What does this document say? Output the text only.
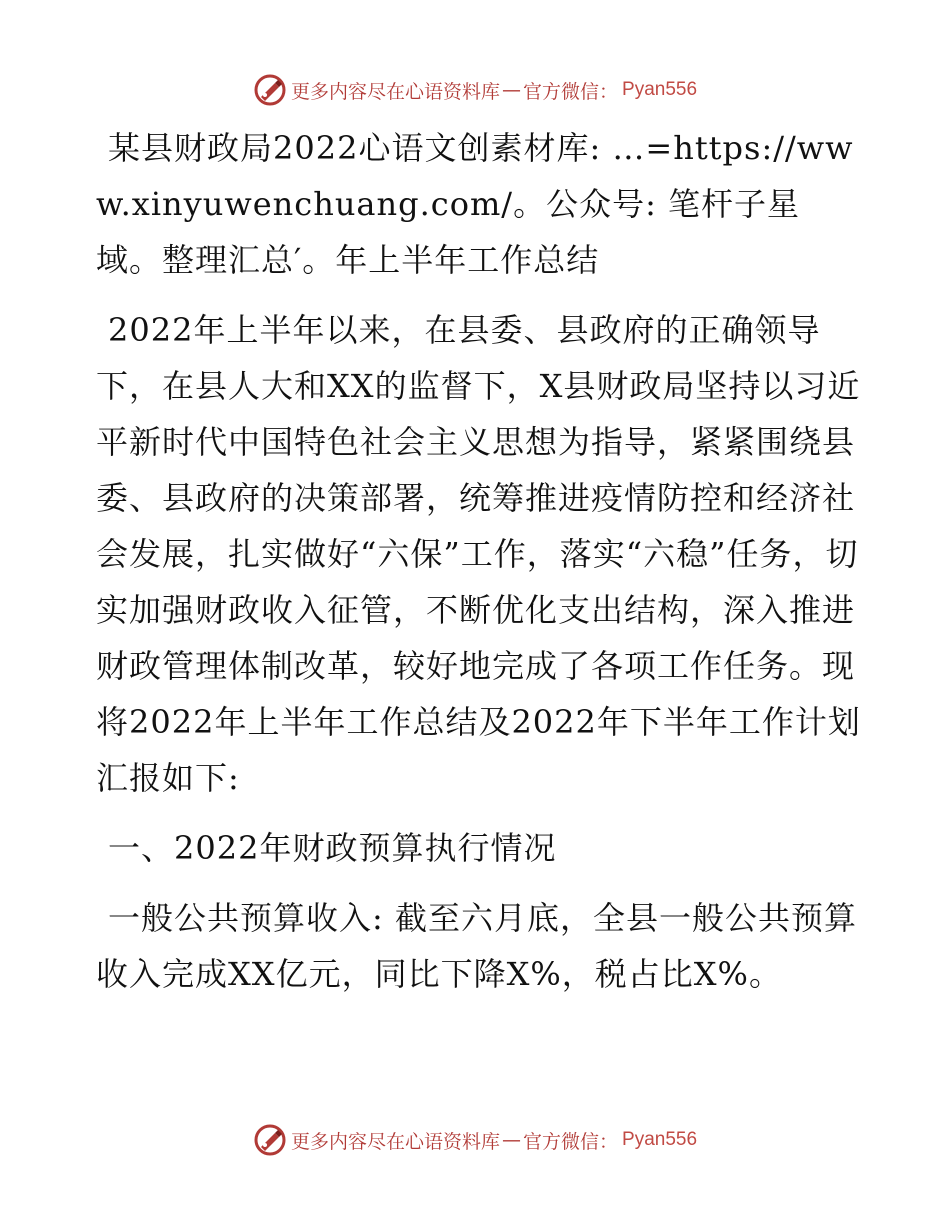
更多内容尽在心语资料库 — 官方微信 ： Pyan556

某县财政局2022心语文创素材库: …=https://www.xinyuwenchuang.com/。公众号: 笔杆子星域。整理汇总′。年上半年工作总结

2022年上半年以来，在县委、县政府的正确领导下，在县人大和XX的监督下，X县财政局坚持以习近平新时代中国特色社会主义思想为指导，紧紧围绕县委、县政府的决策部署，统筹推进疫情防控和经济社会发展，扎实做好“六保”工作，落实“六稳”任务，切实加强财政收入征管，不断优化支出结构，深入推进财政管理体制改革，较好地完成了各项工作任务。现将2022年上半年工作总结及2022年下半年工作计划汇报如下:

一、2022年财政预算执行情况

一般公共预算收入: 截至六月底，全县一般公共预算收入完成XX亿元，同比下降X%，税占比X%。

更多内容尽在心语资料库 — 官方微信 ： Pyan556
